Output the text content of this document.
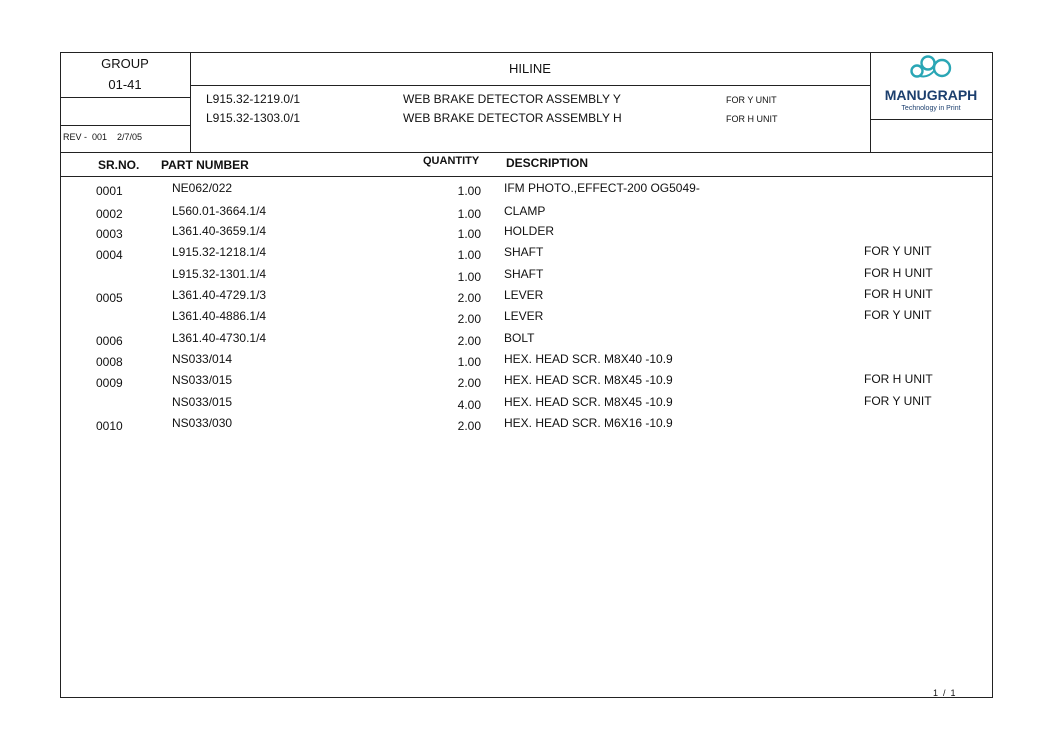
GROUP
01-41
HILINE
REV -  001    2/7/05
L915.32-1219.0/1	WEB BRAKE DETECTOR ASSEMBLY Y	FOR Y UNIT
L915.32-1303.0/1	WEB BRAKE DETECTOR ASSEMBLY H	FOR H UNIT
MANUGRAPH
Technology in Print
SR.NO. PART NUMBER	QUANTITY DESCRIPTION
0001	NE062/022	1.00 IFM PHOTO.,EFFECT-200 OG5049-
0002	L560.01-3664.1/4	1.00 CLAMP
0003	L361.40-3659.1/4	1.00 HOLDER
0004	L915.32-1218.1/4	1.00 SHAFT	FOR Y UNIT
L915.32-1301.1/4	1.00 SHAFT	FOR H UNIT
0005	L361.40-4729.1/3	2.00 LEVER	FOR H UNIT
L361.40-4886.1/4	2.00 LEVER	FOR Y UNIT
0006	L361.40-4730.1/4	2.00 BOLT
0008	NS033/014	1.00 HEX. HEAD SCR. M8X40 -10.9
0009	NS033/015	2.00 HEX. HEAD SCR. M8X45 -10.9	FOR H UNIT
NS033/015	4.00 HEX. HEAD SCR. M8X45 -10.9	FOR Y UNIT
0010	NS033/030	2.00 HEX. HEAD SCR. M6X16 -10.9
1  /  1
